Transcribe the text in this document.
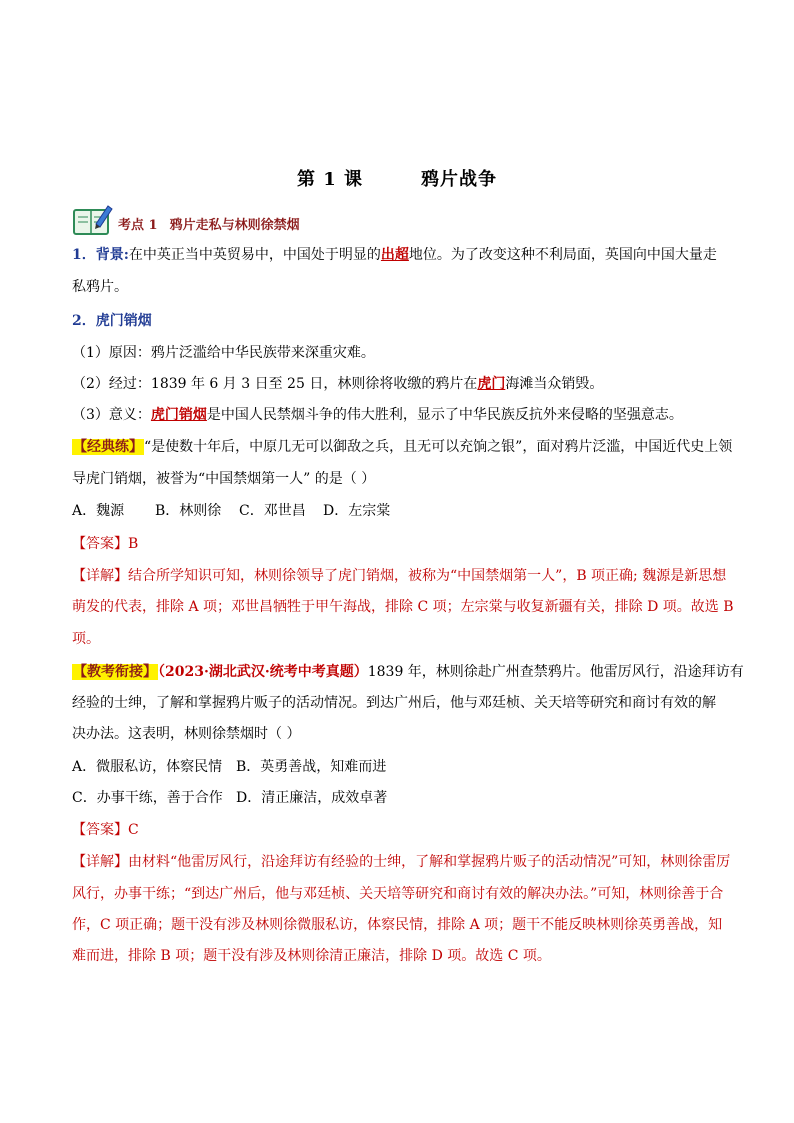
第 1 课	鸦片战争
考点 1 鸦片走私与林则徐禁烟
1．背景:在中英正当中英贸易中，中国处于明显的出超地位。为了改变这种不利局面，英国向中国大量走
私鸦片。
2．虎门销烟
（1）原因：鸦片泛滥给中华民族带来深重灾难。
（2）经过：1839 年 6 月 3 日至 25 日，林则徐将收缴的鸦片在虎门海滩当众销毁。
（3）意义：虎门销烟是中国人民禁烟斗争的伟大胜利，显示了中华民族反抗外来侵略的坚强意志。
【经典练】“是使数十年后，中原几无可以御敌之兵，且无可以充饷之银”，面对鸦片泛滥，中国近代史上领
导虎门销烟，被誉为“中国禁烟第一人” 的是（ ）
A．魏源 B．林则徐 C．邓世昌 D．左宗棠
【答案】B
【详解】结合所学知识可知，林则徐领导了虎门销烟，被称为“中国禁烟第一人”，B 项正确; 魏源是新思想
萌发的代表，排除 A 项；邓世昌牺牲于甲午海战，排除 C 项；左宗棠与收复新疆有关，排除 D 项。故选 B
项。
【教考衔接】（2023·湖北武汉·统考中考真题）1839 年，林则徐赴广州查禁鸦片。他雷厉风行，沿途拜访有
经验的士绅，了解和掌握鸦片贩子的活动情况。到达广州后，他与邓廷桢、关天培等研究和商讨有效的解
决办法。这表明，林则徐禁烟时（ ）
A．微服私访，体察民情 B．英勇善战，知难而进
C．办事干练，善于合作 D．清正廉洁，成效卓著
【答案】C
【详解】由材料“他雷厉风行，沿途拜访有经验的士绅，了解和掌握鸦片贩子的活动情况”可知，林则徐雷厉
风行，办事干练；“到达广州后，他与邓廷桢、关天培等研究和商讨有效的解决办法。”可知，林则徐善于合
作，C 项正确；题干没有涉及林则徐微服私访，体察民情，排除 A 项；题干不能反映林则徐英勇善战，知
难而进，排除 B 项；题干没有涉及林则徐清正廉洁，排除 D 项。故选 C 项。
